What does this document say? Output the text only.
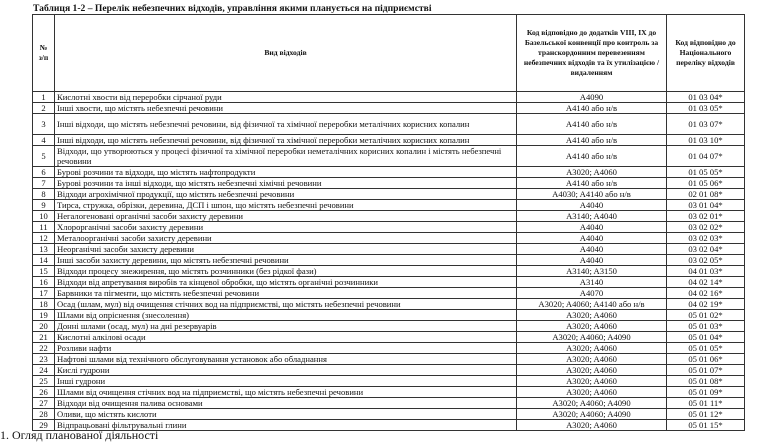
Таблиця 1-2 – Перелік небезпечних відходів, управління якими планується на підприємстві
№
з/п	Вид відходів	Код відповідно до додатків VIII, IX до Базельської конвенції про контроль за транскордонним перевезенням небезпечних відходів та їх утилізацією / видаленням	Код відповідно до Національного переліку відходів
1	Кислотні хвости від переробки сірчаної руди	A4090	01 03 04*
2	Інші хвости, що містять небезпечні речовини	A4140 або н/в	01 03 05*
3	Інші відходи, що містять небезпечні речовини, від фізичної та хімічної переробки металічних корисних копалин	A4140 або н/в	01 03 07*
4	Інші відходи, що містять небезпечні речовини, від фізичної та хімічної переробки металічних корисних копалин	A4140 або н/в	01 03 10*
5	Відходи, що утворюються у процесі фізичної та хімічної переробки неметалічних корисних копалин і містять небезпечні речовини	A4140 або н/в	01 04 07*
6	Бурові розчини та відходи, що містять нафтопродукти	A3020; A4060	01 05 05*
7	Бурові розчини та інші відходи, що містять небезпечні хімічні речовини	A4140 або н/в	01 05 06*
8	Відходи агрохімічної продукції, що містять небезпечні речовини	A4030; A4140 або н/в	02 01 08*
9	Тирса, стружка, обрізки, деревина, ДСП і шпон, що містять небезпечні речовини	A4040	03 01 04*
10	Негалогеновані органічні засоби захисту деревини	A3140; A4040	03 02 01*
11	Хлорорганічні засоби захисту деревини	A4040	03 02 02*
12	Металоорганічні засоби захисту деревини	A4040	03 02 03*
13	Неорганічні засоби захисту деревини	A4040	03 02 04*
14	Інші засоби захисту деревини, що містять небезпечні речовини	A4040	03 02 05*
15	Відходи процесу знежирення, що містять розчинники (без рідкої фази)	A3140; A3150	04 01 03*
16	Відходи від апретування виробів та кінцевої обробки, що містять органічні розчинники	A3140	04 02 14*
17	Барвники та пігменти, що містять небезпечні речовини	A4070	04 02 16*
18	Осад (шлам, мул) від очищення стічних вод на підприємстві, що містять небезпечні речовини	A3020; A4060; A4140 або н/в	04 02 19*
19	Шлами від опріснення (знесолення)	A3020; A4060	05 01 02*
20	Донні шлами (осад, мул) на дні резервуарів	A3020; A4060	05 01 03*
21	Кислотні алкілові осади	A3020; A4060; A4090	05 01 04*
22	Розливи нафти	A3020; A4060	05 01 05*
23	Нафтові шлами від технічного обслуговування установок або обладнання	A3020; A4060	05 01 06*
24	Кислі гудрони	A3020; A4060	05 01 07*
25	Інші гудрони	A3020; A4060	05 01 08*
26	Шлами від очищення стічних вод на підприємстві, що містять небезпечні речовини	A3020; A4060	05 01 09*
27	Відходи від очищення палива основами	A3020; A4060; A4090	05 01 11*
28	Оливи, що містять кислоти	A3020; A4060; A4090	05 01 12*
29	Відпрацьовані фільтрувальні глини	A3020; A4060	05 01 15*
1. Огляд планованої діяльності
